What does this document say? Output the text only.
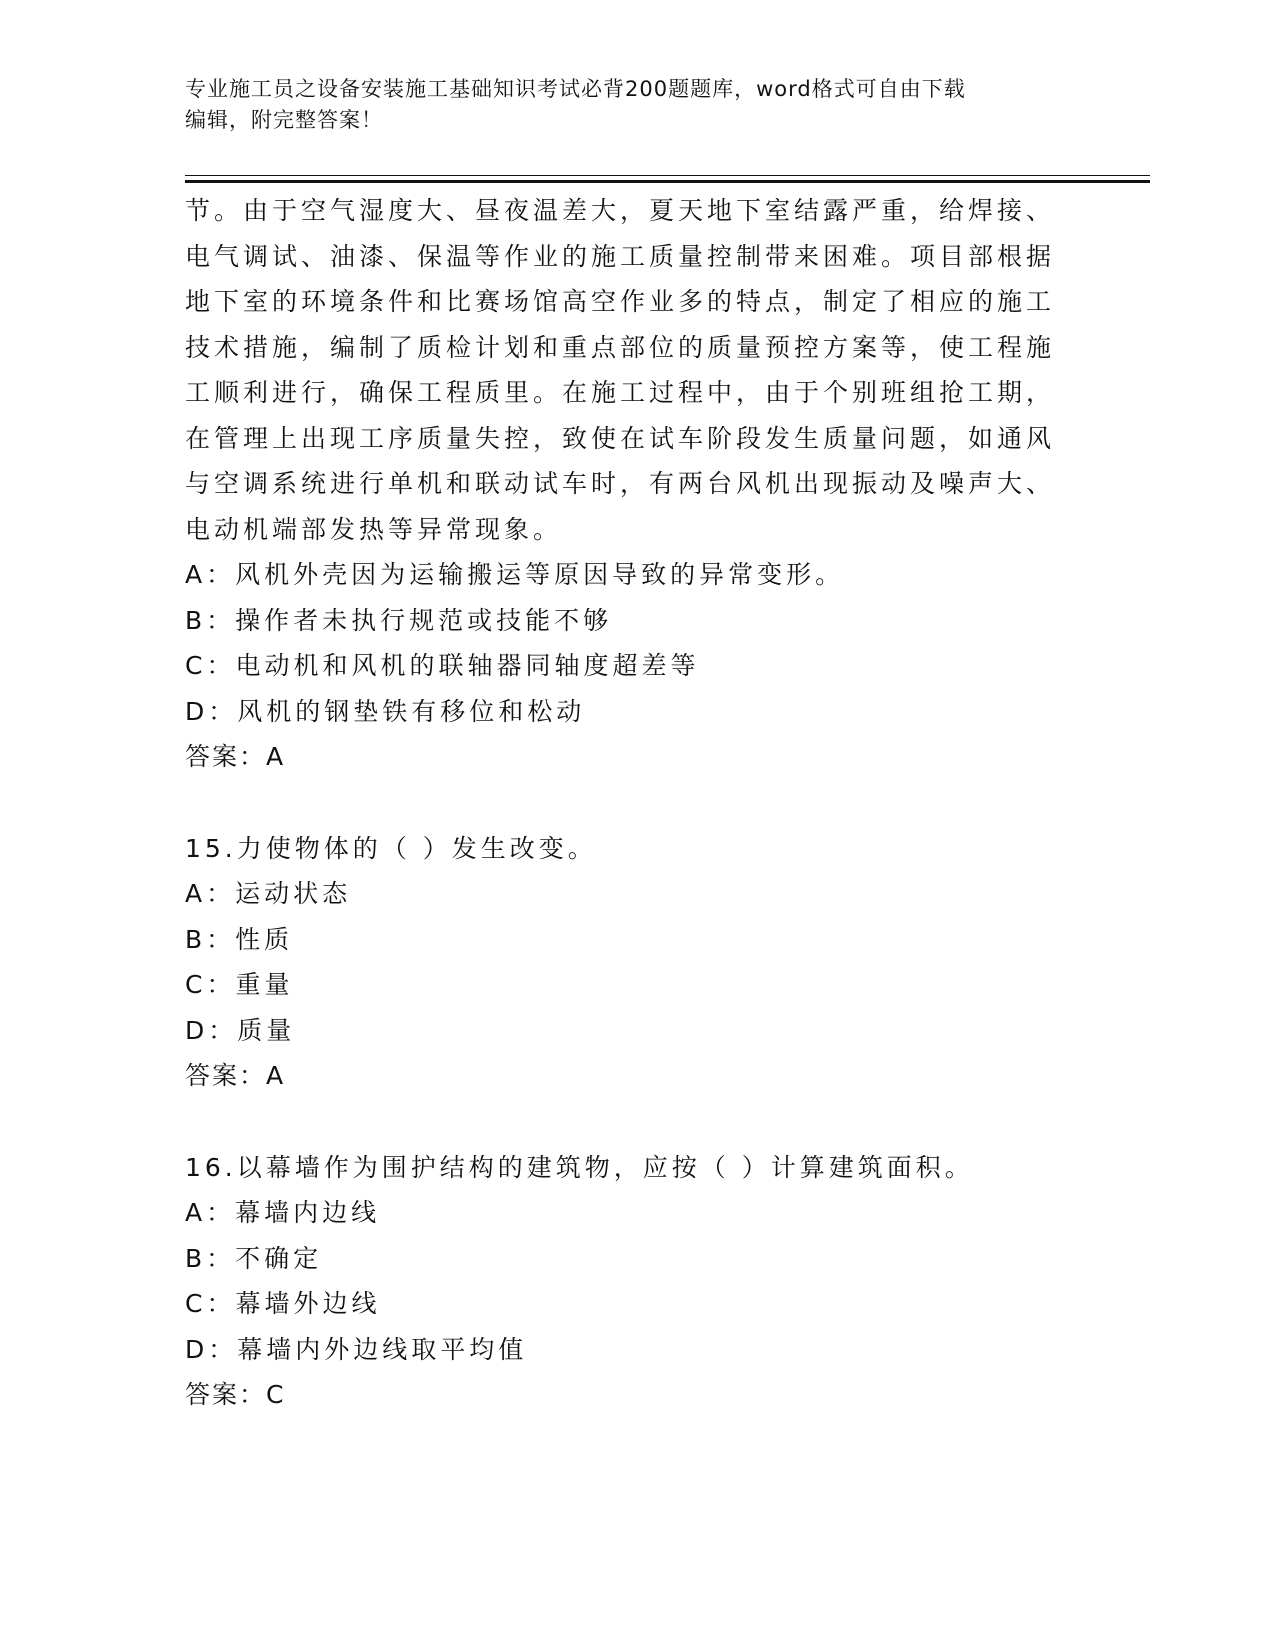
专业施工员之设备安装施工基础知识考试必背200题题库，word格式可自由下载
编辑，附完整答案！
节。由于空气湿度大、昼夜温差大，夏天地下室结露严重，给焊接、
电气调试、油漆、保温等作业的施工质量控制带来困难。项目部根据
地下室的环境条件和比赛场馆高空作业多的特点，制定了相应的施工
技术措施，编制了质检计划和重点部位的质量预控方案等，使工程施
工顺利进行，确保工程质里。在施工过程中，由于个别班组抢工期，
在管理上出现工序质量失控，致使在试车阶段发生质量问题，如通风
与空调系统进行单机和联动试车时，有两台风机出现振动及噪声大、
电动机端部发热等异常现象。
A：风机外壳因为运输搬运等原因导致的异常变形。
B：操作者未执行规范或技能不够
C：电动机和风机的联轴器同轴度超差等
D：风机的钢垫铁有移位和松动
答案：A
15.力使物体的（ ）发生改变。
A：运动状态
B：性质
C：重量
D：质量
答案：A
16.以幕墙作为围护结构的建筑物，应按（ ）计算建筑面积。
A：幕墙内边线
B：不确定
C：幕墙外边线
D：幕墙内外边线取平均值
答案：C
